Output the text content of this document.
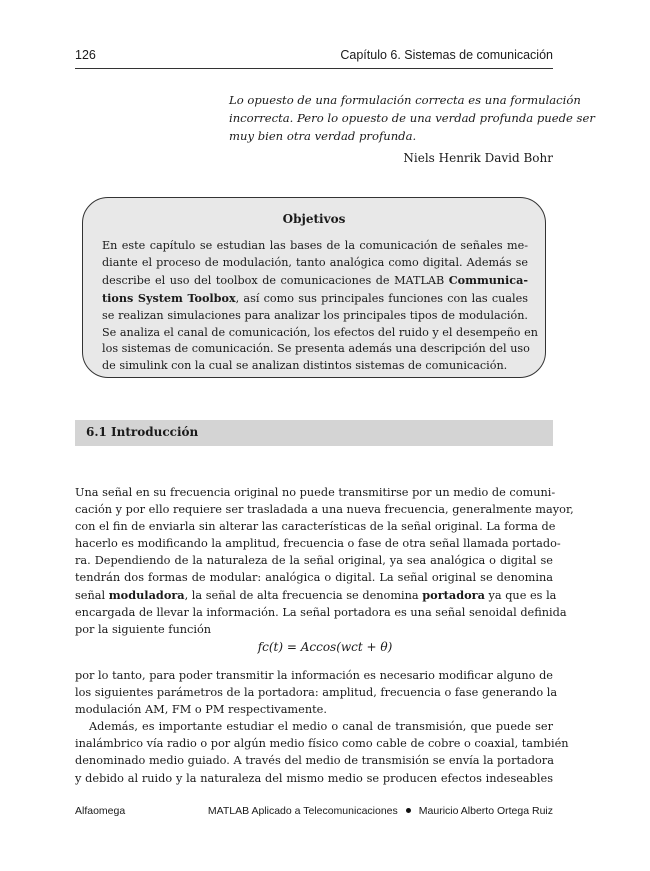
126	Capítulo 6. Sistemas de comunicación
Lo opuesto de una formulación correcta es una formulación
incorrecta. Pero lo opuesto de una verdad profunda puede ser
muy bien otra verdad profunda.
Niels Henrik David Bohr
Objetivos
En este capítulo se estudian las bases de la comunicación de señales me-
diante el proceso de modulación, tanto analógica como digital. Además se
describe el uso del toolbox de comunicaciones de MATLAB Communica-
tions System Toolbox, así como sus principales funciones con las cuales
se realizan simulaciones para analizar los principales tipos de modulación.
Se analiza el canal de comunicación, los efectos del ruido y el desempeño en
los sistemas de comunicación. Se presenta además una descripción del uso
de simulink con la cual se analizan distintos sistemas de comunicación.
6.1 Introducción
Una señal en su frecuencia original no puede transmitirse por un medio de comuni-
cación y por ello requiere ser trasladada a una nueva frecuencia, generalmente mayor,
con el fin de enviarla sin alterar las características de la señal original. La forma de
hacerlo es modificando la amplitud, frecuencia o fase de otra señal llamada portado-
ra. Dependiendo de la naturaleza de la señal original, ya sea analógica o digital se
tendrán dos formas de modular: analógica o digital. La señal original se denomina
señal moduladora, la señal de alta frecuencia se denomina portadora ya que es la
encargada de llevar la información. La señal portadora es una señal senoidal definida
por la siguiente función
fc(t) = Accos(wct + θ)
por lo tanto, para poder transmitir la información es necesario modificar alguno de
los siguientes parámetros de la portadora: amplitud, frecuencia o fase generando la
modulación AM, FM o PM respectivamente.
Además, es importante estudiar el medio o canal de transmisión, que puede ser
inalámbrico vía radio o por algún medio físico como cable de cobre o coaxial, también
denominado medio guiado. A través del medio de transmisión se envía la portadora
y debido al ruido y la naturaleza del mismo medio se producen efectos indeseables
Alfaomega	MATLAB Aplicado a Telecomunicaciones Mauricio Alberto Ortega Ruiz
